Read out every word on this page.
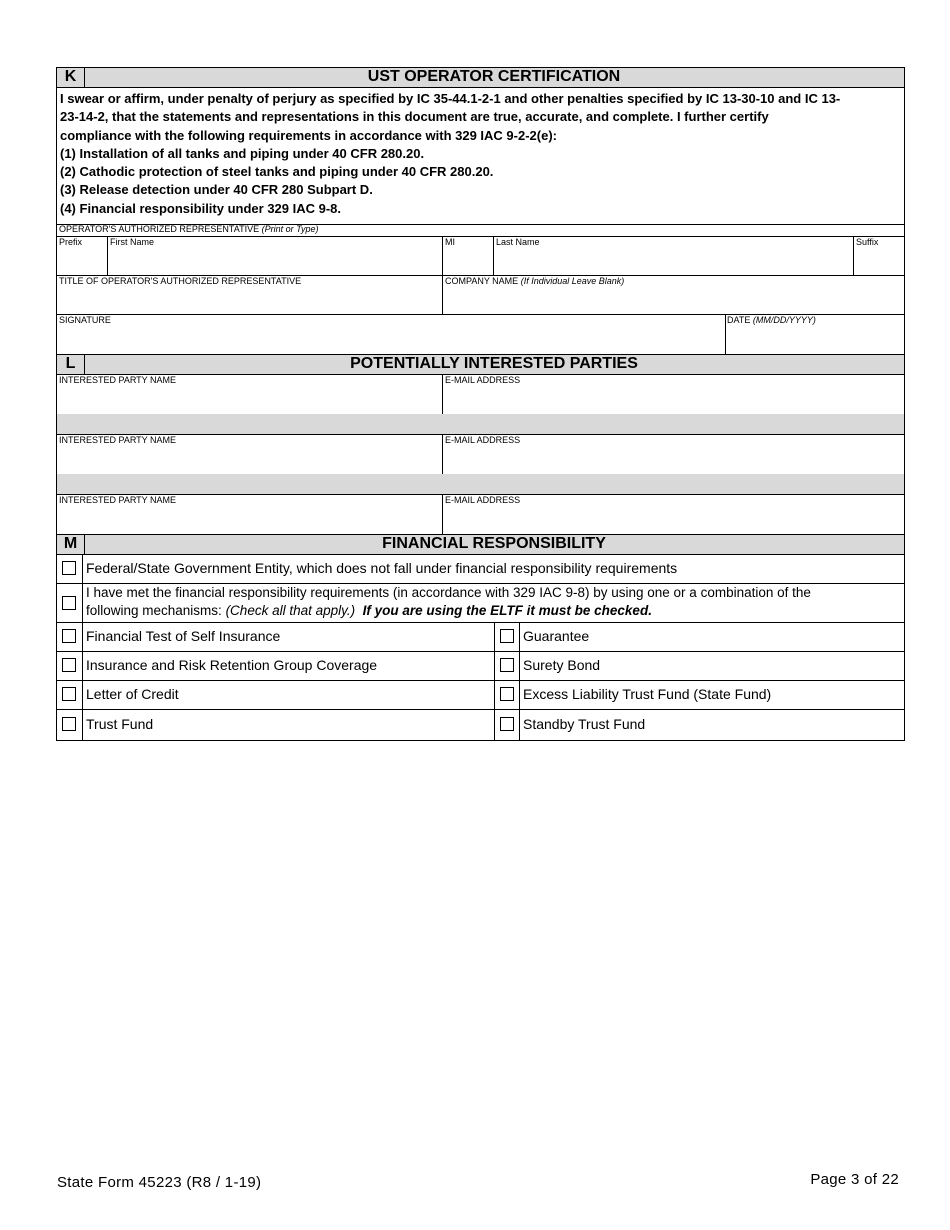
K	UST OPERATOR CERTIFICATION

I swear or affirm, under penalty of perjury as specified by IC 35-44.1-2-1 and other penalties specified by IC 13-30-10 and IC 13-

23-14-2, that the statements and representations in this document are true, accurate, and complete. I further certify

compliance with the following requirements in accordance with 329 IAC 9-2-2(e):

(1) Installation of all tanks and piping under 40 CFR 280.20.

(2) Cathodic protection of steel tanks and piping under 40 CFR 280.20.

(3) Release detection under 40 CFR 280 Subpart D.

(4) Financial responsibility under 329 IAC 9-8.

OPERATOR'S AUTHORIZED REPRESENTATIVE (Print or Type)
Prefix	First Name	MI	Last Name	Suffix
TITLE OF OPERATOR'S AUTHORIZED REPRESENTATIVE	COMPANY NAME (If Individual Leave Blank)
SIGNATURE	DATE (MM/DD/YYYY)
L	POTENTIALLY INTERESTED PARTIES
INTERESTED PARTY NAME	E-MAIL ADDRESS
INTERESTED PARTY NAME	E-MAIL ADDRESS
INTERESTED PARTY NAME	E-MAIL ADDRESS
M	FINANCIAL RESPONSIBILITY
Federal/State Government Entity, which does not fall under financial responsibility requirements
I have met the financial responsibility requirements (in accordance with 329 IAC 9-8) by using one or a combination of the
following mechanisms: (Check all that apply.) If you are using the ELTF it must be checked.
Financial Test of Self Insurance	Guarantee
Insurance and Risk Retention Group Coverage	Surety Bond
Letter of Credit	Excess Liability Trust Fund (State Fund)
Trust Fund	Standby Trust Fund
State Form 45223 (R8 / 1-19)	Page 3 of 22
